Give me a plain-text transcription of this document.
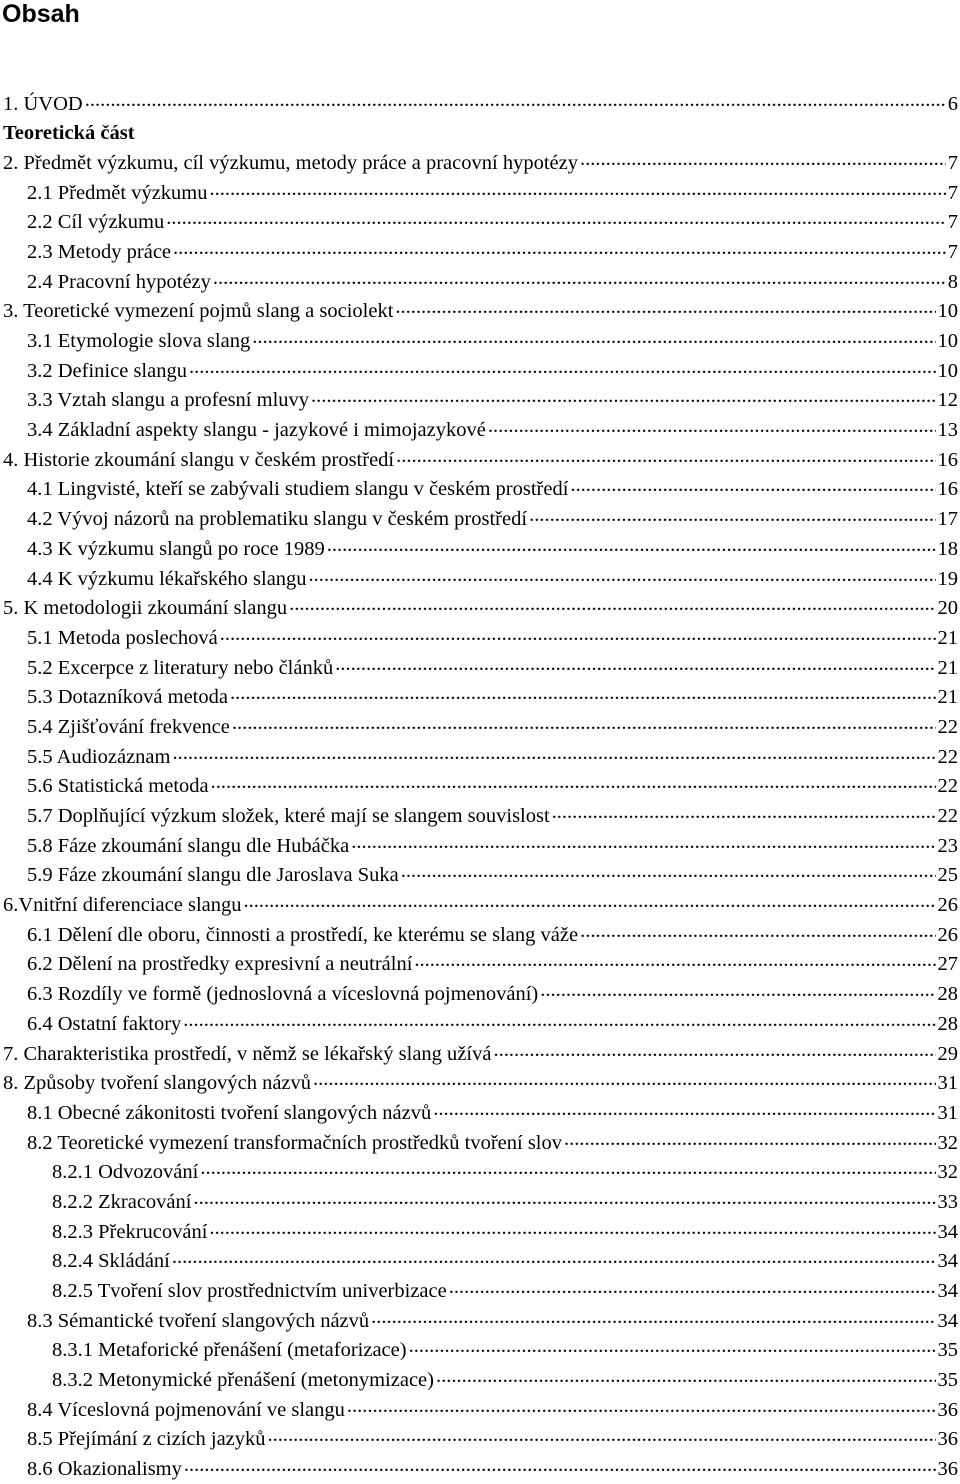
Obsah
1. ÚVOD .....	6
Teoretická část
2. Předmět výzkumu, cíl výzkumu, metody práce a pracovní hypotézy .....	7
2.1 Předmět výzkumu .....	7
2.2 Cíl výzkumu .....	7
2.3 Metody práce .....	7
2.4 Pracovní hypotézy .....	8
3. Teoretické vymezení pojmů slang a sociolekt .....	10
3.1 Etymologie slova slang .....	10
3.2 Definice slangu .....	10
3.3 Vztah slangu a profesní mluvy .....	12
3.4 Základní aspekty slangu - jazykové i mimojazykové .....	13
4. Historie zkoumání slangu v českém prostředí .....	16
4.1 Lingvisté, kteří se zabývali studiem slangu v českém prostředí .....	16
4.2 Vývoj názorů na problematiku slangu v českém prostředí .....	17
4.3 K výzkumu slangů po roce 1989 .....	18
4.4 K výzkumu lékařského slangu .....	19
5. K metodologii zkoumání slangu .....	20
5.1 Metoda poslechová .....	21
5.2 Excerpce z literatury nebo článků .....	21
5.3 Dotazníková metoda .....	21
5.4 Zjišťování frekvence .....	22
5.5 Audiozáznam .....	22
5.6 Statistická metoda .....	22
5.7 Doplňující výzkum složek, které mají se slangem souvislost .....	22
5.8 Fáze zkoumání slangu dle Hubáčka .....	23
5.9 Fáze zkoumání slangu dle Jaroslava Suka .....	25
6.Vnitřní diferenciace slangu .....	26
6.1 Dělení dle oboru, činnosti a prostředí, ke kterému se slang váže .....	26
6.2 Dělení na prostředky expresivní a neutrální .....	27
6.3 Rozdíly ve formě (jednoslovná a víceslovná pojmenování) .....	28
6.4 Ostatní faktory .....	28
7. Charakteristika prostředí, v němž se lékařský slang užívá .....	29
8. Způsoby tvoření slangových názvů .....	31
8.1 Obecné zákonitosti tvoření slangových názvů .....	31
8.2 Teoretické vymezení transformačních prostředků tvoření slov .....	32
8.2.1 Odvozování .....	32
8.2.2 Zkracování .....	33
8.2.3 Překrucování .....	34
8.2.4 Skládání .....	34
8.2.5 Tvoření slov prostřednictvím univerbizace .....	34
8.3 Sémantické tvoření slangových názvů .....	34
8.3.1 Metaforické přenášení (metaforizace) .....	35
8.3.2 Metonymické přenášení (metonymizace) .....	35
8.4 Víceslovná pojmenování ve slangu .....	36
8.5 Přejímání z cizích jazyků .....	36
8.6 Okazionalismy .....	36
